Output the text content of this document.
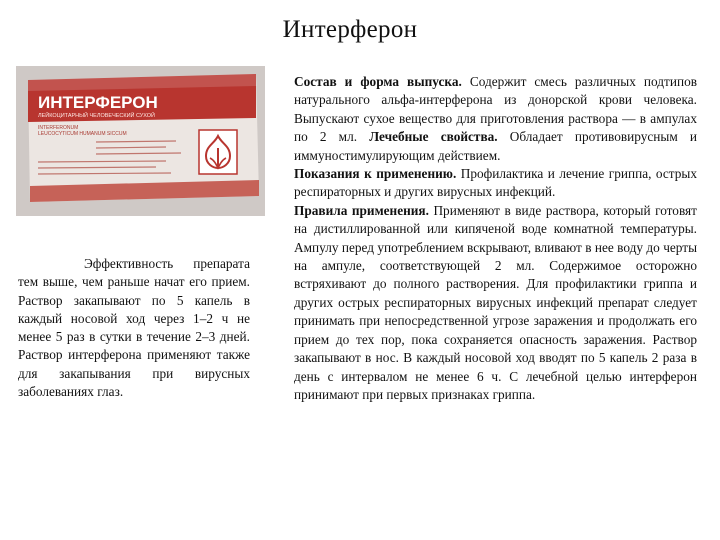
Интерферон
ИНТЕРФЕРОН
ЛЕЙКОЦИТАРНЫЙ ЧЕЛОВЕЧЕСКИЙ СУХОЙ
INTERFERONUM
LEUCOCYTICUM HUMANUM SICCUM
Эффективность препарата тем выше, чем раньше начат его прием. Раствор закапывают по 5 капель в каждый носовой ход через 1–2 ч не менее 5 раз в сутки в течение 2–3 дней. Раствор интерферона применяют также для закапывания при вирусных заболеваниях глаз.

Состав и форма выпуска. Содержит смесь различных подтипов натурального альфа-интерферона из донорской крови человека. Выпускают сухое вещество для приготовления раствора — в ампулах по 2 мл. Лечебные свойства. Обладает противовирусным и иммуностимулирующим действием.

Показания к применению. Профилактика и лечение гриппа, острых респираторных и других вирусных инфекций.

Правила применения. Применяют в виде раствора, который готовят на дистиллированной или кипяченой воде комнатной температуры. Ампулу перед употреблением вскрывают, вливают в нее воду до черты на ампуле, соответствующей 2 мл. Содержимое осторожно встряхивают до полного растворения. Для профилактики гриппа и других острых респираторных вирусных инфекций препарат следует принимать при непосредственной угрозе заражения и продолжать его прием до тех пор, пока сохраняется опасность заражения. Раствор закапывают в нос. В каждый носовой ход вводят по 5 капель 2 раза в день с интервалом не менее 6 ч. С лечебной целью интерферон принимают при первых признаках гриппа.
